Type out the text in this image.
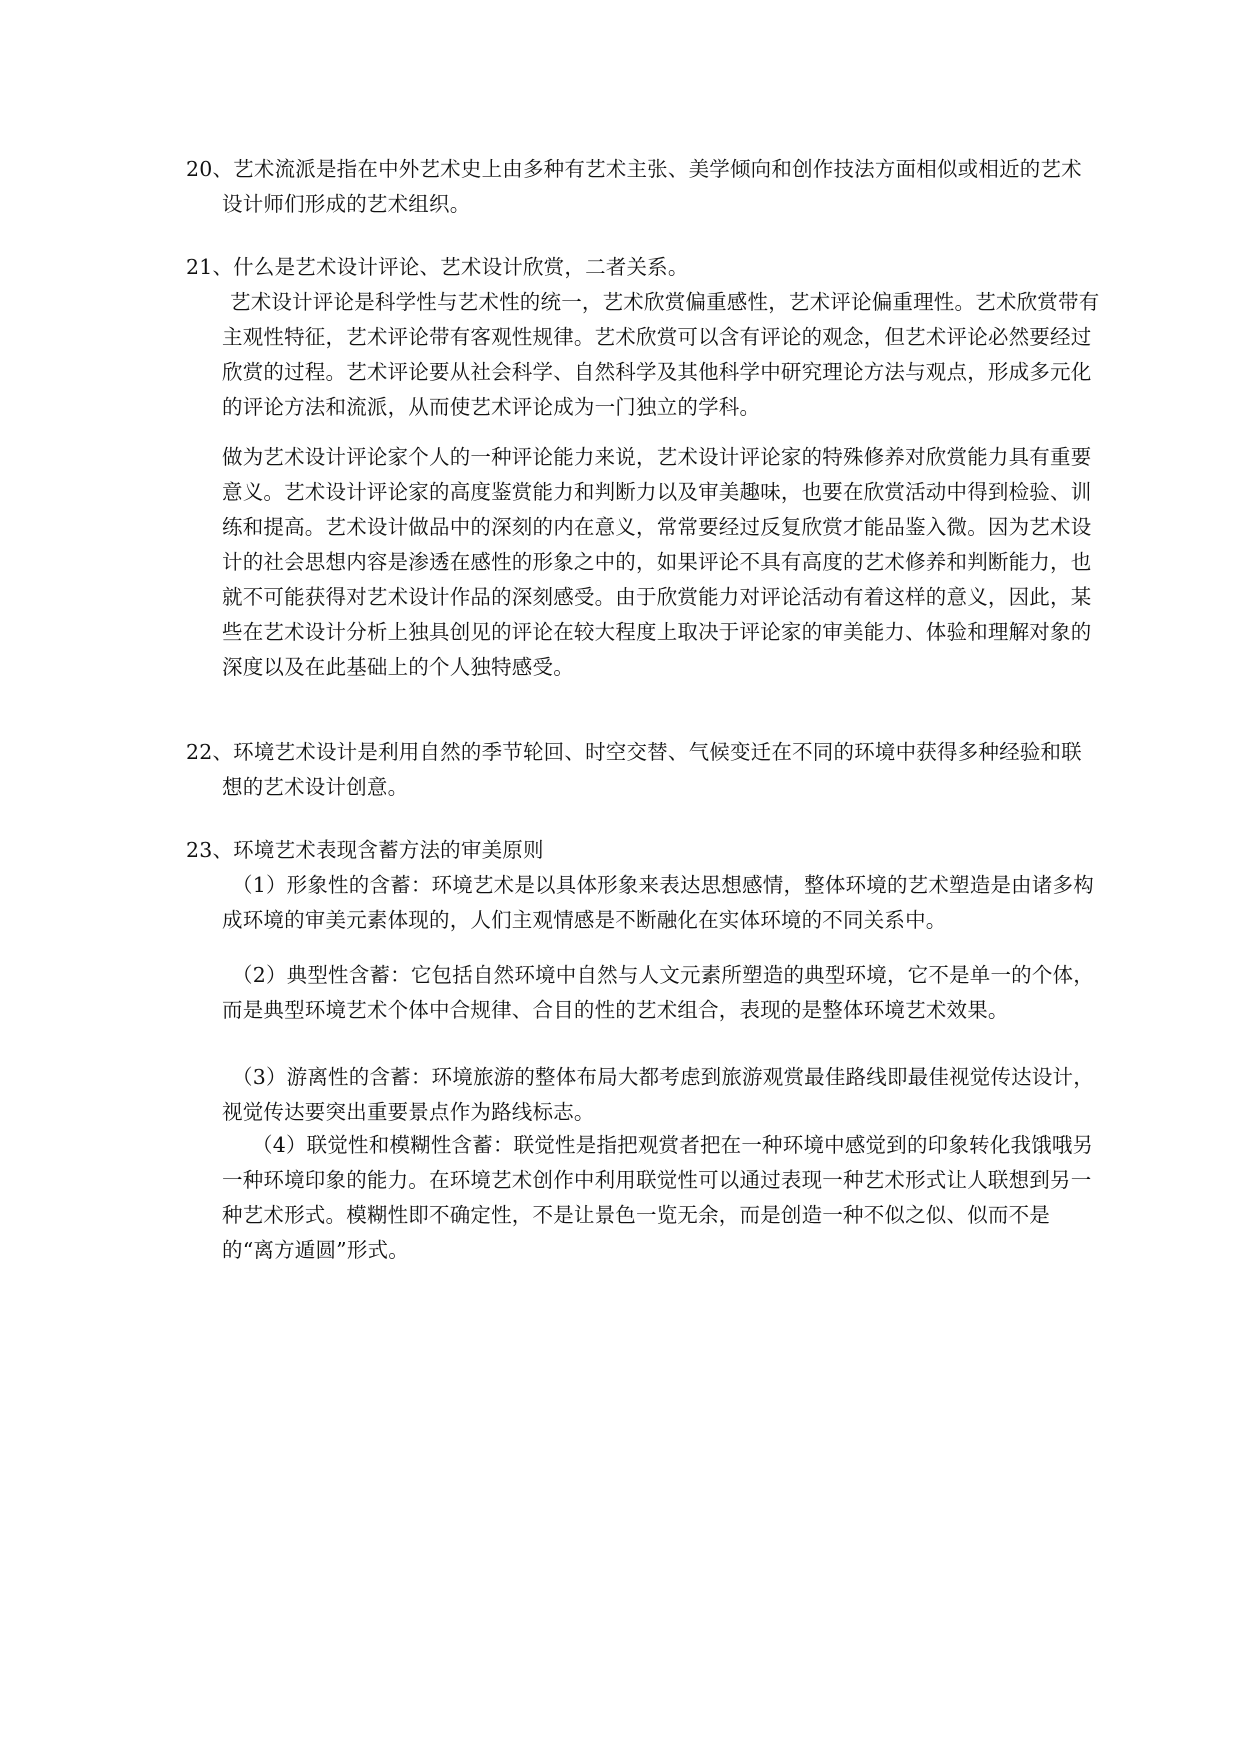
20、艺术流派是指在中外艺术史上由多种有艺术主张、美学倾向和创作技法方面相似或相近的艺术设计师们形成的艺术组织。

21、什么是艺术设计评论、艺术设计欣赏，二者关系。

艺术设计评论是科学性与艺术性的统一，艺术欣赏偏重感性，艺术评论偏重理性。艺术欣赏带有主观性特征，艺术评论带有客观性规律。艺术欣赏可以含有评论的观念，但艺术评论必然要经过欣赏的过程。艺术评论要从社会科学、自然科学及其他科学中研究理论方法与观点，形成多元化的评论方法和流派，从而使艺术评论成为一门独立的学科。

做为艺术设计评论家个人的一种评论能力来说，艺术设计评论家的特殊修养对欣赏能力具有重要意义。艺术设计评论家的高度鉴赏能力和判断力以及审美趣味，也要在欣赏活动中得到检验、训练和提高。艺术设计做品中的深刻的内在意义，常常要经过反复欣赏才能品鉴入微。因为艺术设计的社会思想内容是渗透在感性的形象之中的，如果评论不具有高度的艺术修养和判断能力，也就不可能获得对艺术设计作品的深刻感受。由于欣赏能力对评论活动有着这样的意义，因此，某些在艺术设计分析上独具创见的评论在较大程度上取决于评论家的审美能力、体验和理解对象的深度以及在此基础上的个人独特感受。

22、环境艺术设计是利用自然的季节轮回、时空交替、气候变迁在不同的环境中获得多种经验和联想的艺术设计创意。

23、环境艺术表现含蓄方法的审美原则

（1）形象性的含蓄：环境艺术是以具体形象来表达思想感情，整体环境的艺术塑造是由诸多构成环境的审美元素体现的，人们主观情感是不断融化在实体环境的不同关系中。

（2）典型性含蓄：它包括自然环境中自然与人文元素所塑造的典型环境，它不是单一的个体，而是典型环境艺术个体中合规律、合目的性的艺术组合，表现的是整体环境艺术效果。

（3）游离性的含蓄：环境旅游的整体布局大都考虑到旅游观赏最佳路线即最佳视觉传达设计，视觉传达要突出重要景点作为路线标志。

（4）联觉性和模糊性含蓄：联觉性是指把观赏者把在一种环境中感觉到的印象转化我饿哦另一种环境印象的能力。在环境艺术创作中利用联觉性可以通过表现一种艺术形式让人联想到另一种艺术形式。模糊性即不确定性，不是让景色一览无余，而是创造一种不似之似、似而不是的“离方遁圆”形式。
